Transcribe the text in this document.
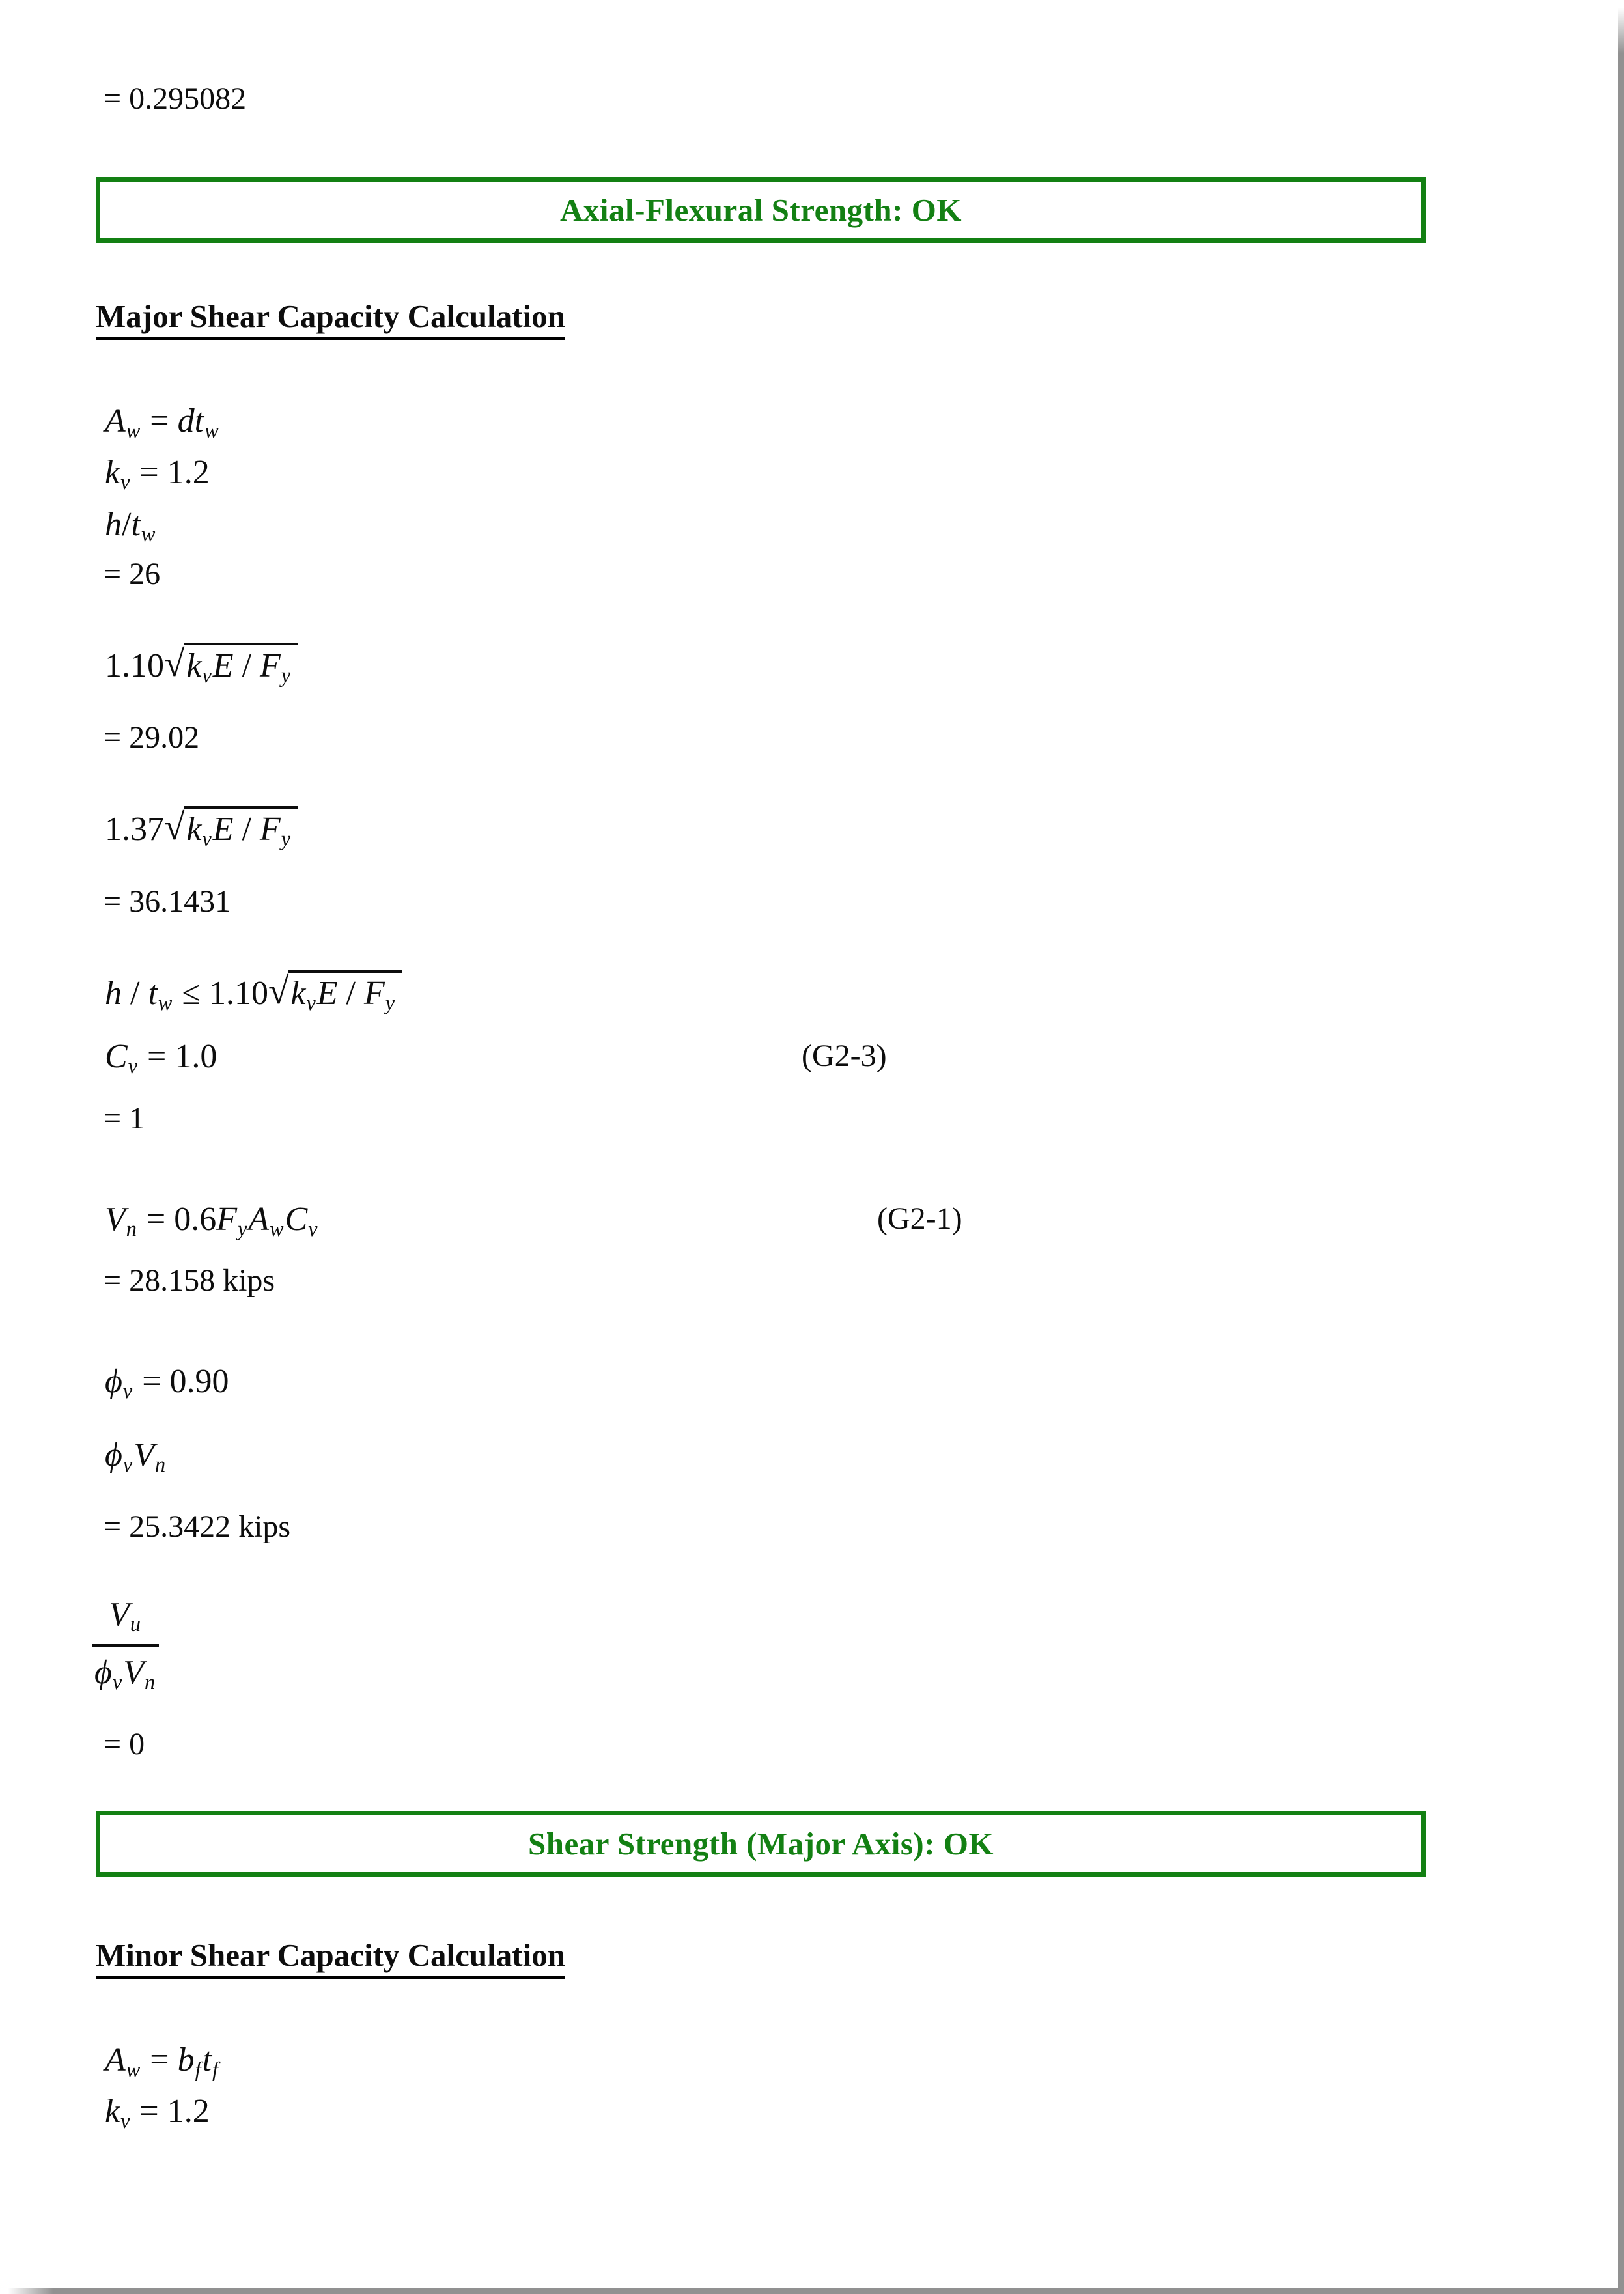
= 0.295082
Axial-Flexural Strength: OK
Major Shear Capacity Calculation
Aw = dtw
kv = 1.2
h/tw
= 26
1.10√kvE / Fy
= 29.02
1.37√kvE / Fy
= 36.1431
h / tw ≤ 1.10√kvE / Fy
Cv = 1.0	(G2-3)
= 1
Vn = 0.6FyAwCv	(G2-1)
= 28.158 kips
ϕv = 0.90
ϕvVn
= 25.3422 kips
$\frac{Vu}{\text{ϕvVn}}$
= 0
Shear Strength (Major Axis): OK
Minor Shear Capacity Calculation
Aw = bftf
kv = 1.2
